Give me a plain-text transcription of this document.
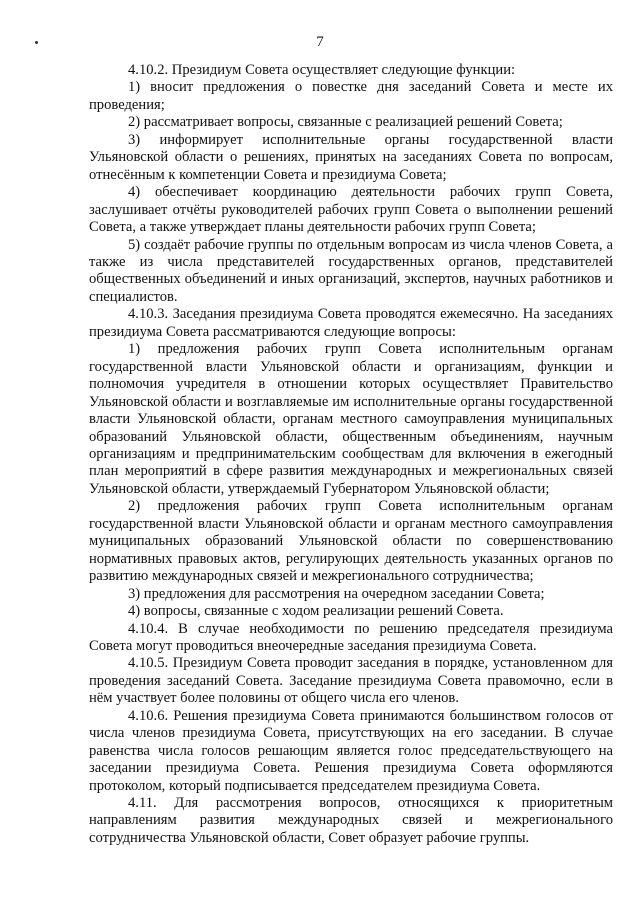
7

4.10.2. Президиум Совета осуществляет следующие функции:

1) вносит предложения о повестке дня заседаний Совета и месте их проведения;

2) рассматривает вопросы, связанные с реализацией решений Совета;

3) информирует исполнительные органы государственной власти Ульяновской области о решениях, принятых на заседаниях Совета по вопросам, отнесённым к компетенции Совета и президиума Совета;

4) обеспечивает координацию деятельности рабочих групп Совета, заслушивает отчёты руководителей рабочих групп Совета о выполнении решений Совета, а также утверждает планы деятельности рабочих групп Совета;

5) создаёт рабочие группы по отдельным вопросам из числа членов Совета, а также из числа представителей государственных органов, представителей общественных объединений и иных организаций, экспертов, научных работников и специалистов.

4.10.3. Заседания президиума Совета проводятся ежемесячно. На заседаниях президиума Совета рассматриваются следующие вопросы:

1) предложения рабочих групп Совета исполнительным органам государственной власти Ульяновской области и организациям, функции и полномочия учредителя в отношении которых осуществляет Правительство Ульяновской области и возглавляемые им исполнительные органы государственной власти Ульяновской области, органам местного самоуправления муниципальных образований Ульяновской области, общественным объединениям, научным организациям и предпринимательским сообществам для включения в ежегодный план мероприятий в сфере развития международных и межрегиональных связей Ульяновской области, утверждаемый Губернатором Ульяновской области;

2) предложения рабочих групп Совета исполнительным органам государственной власти Ульяновской области и органам местного самоуправления муниципальных образований Ульяновской области по совершенствованию нормативных правовых актов, регулирующих деятельность указанных органов по развитию международных связей и межрегионального сотрудничества;

3) предложения для рассмотрения на очередном заседании Совета;

4) вопросы, связанные с ходом реализации решений Совета.

4.10.4. В случае необходимости по решению председателя президиума Совета могут проводиться внеочередные заседания президиума Совета.

4.10.5. Президиум Совета проводит заседания в порядке, установленном для проведения заседаний Совета. Заседание президиума Совета правомочно, если в нём участвует более половины от общего числа его членов.

4.10.6. Решения президиума Совета принимаются большинством голосов от числа членов президиума Совета, присутствующих на его заседании. В случае равенства числа голосов решающим является голос председательствующего на заседании президиума Совета. Решения президиума Совета оформляются протоколом, который подписывается председателем президиума Совета.

4.11. Для рассмотрения вопросов, относящихся к приоритетным направлениям развития международных связей и межрегионального сотрудничества Ульяновской области, Совет образует рабочие группы.
